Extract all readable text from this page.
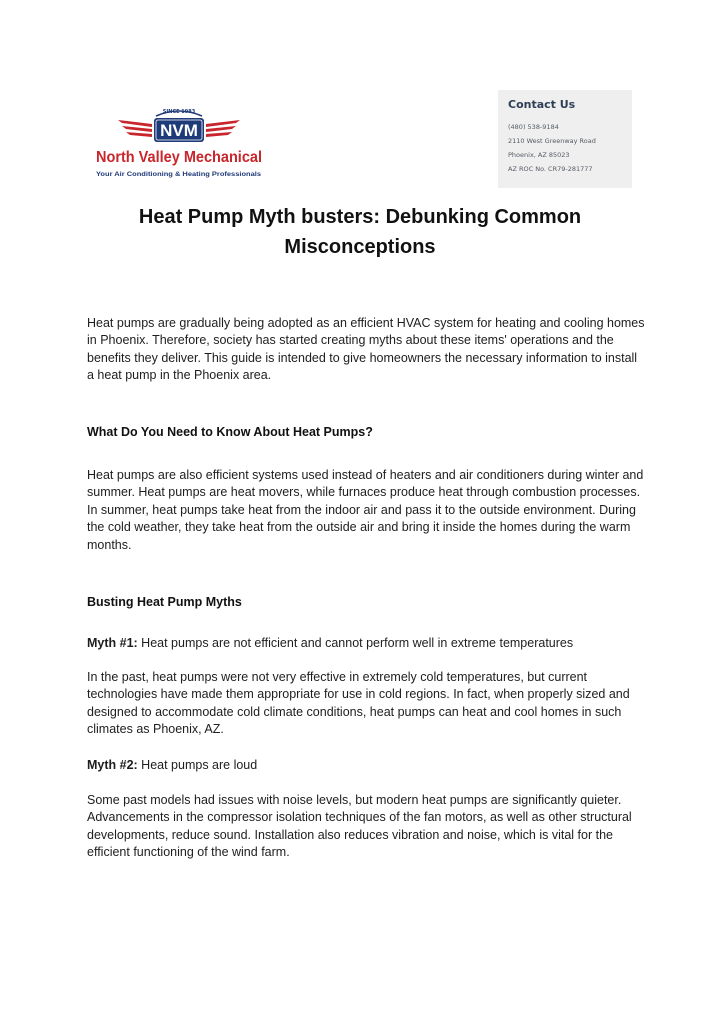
SINCE 1983
NVM
North Valley Mechanical
Your Air Conditioning & Heating Professionals
Contact Us
(480) 538-9184
2110 West Greenway Road
Phoenix, AZ 85023
AZ ROC No. CR79-281777
Heat Pump Myth busters: Debunking Common Misconceptions
Heat pumps are gradually being adopted as an efficient HVAC system for heating and cooling homes in Phoenix. Therefore, society has started creating myths about these items' operations and the benefits they deliver. This guide is intended to give homeowners the necessary information to install a heat pump in the Phoenix area.
What Do You Need to Know About Heat Pumps?
Heat pumps are also efficient systems used instead of heaters and air conditioners during winter and summer. Heat pumps are heat movers, while furnaces produce heat through combustion processes. In summer, heat pumps take heat from the indoor air and pass it to the outside environment. During the cold weather, they take heat from the outside air and bring it inside the homes during the warm months.
Busting Heat Pump Myths
Myth #1: Heat pumps are not efficient and cannot perform well in extreme temperatures
In the past, heat pumps were not very effective in extremely cold temperatures, but current technologies have made them appropriate for use in cold regions. In fact, when properly sized and designed to accommodate cold climate conditions, heat pumps can heat and cool homes in such climates as Phoenix, AZ.
Myth #2: Heat pumps are loud
Some past models had issues with noise levels, but modern heat pumps are significantly quieter. Advancements in the compressor isolation techniques of the fan motors, as well as other structural developments, reduce sound. Installation also reduces vibration and noise, which is vital for the efficient functioning of the wind farm.
